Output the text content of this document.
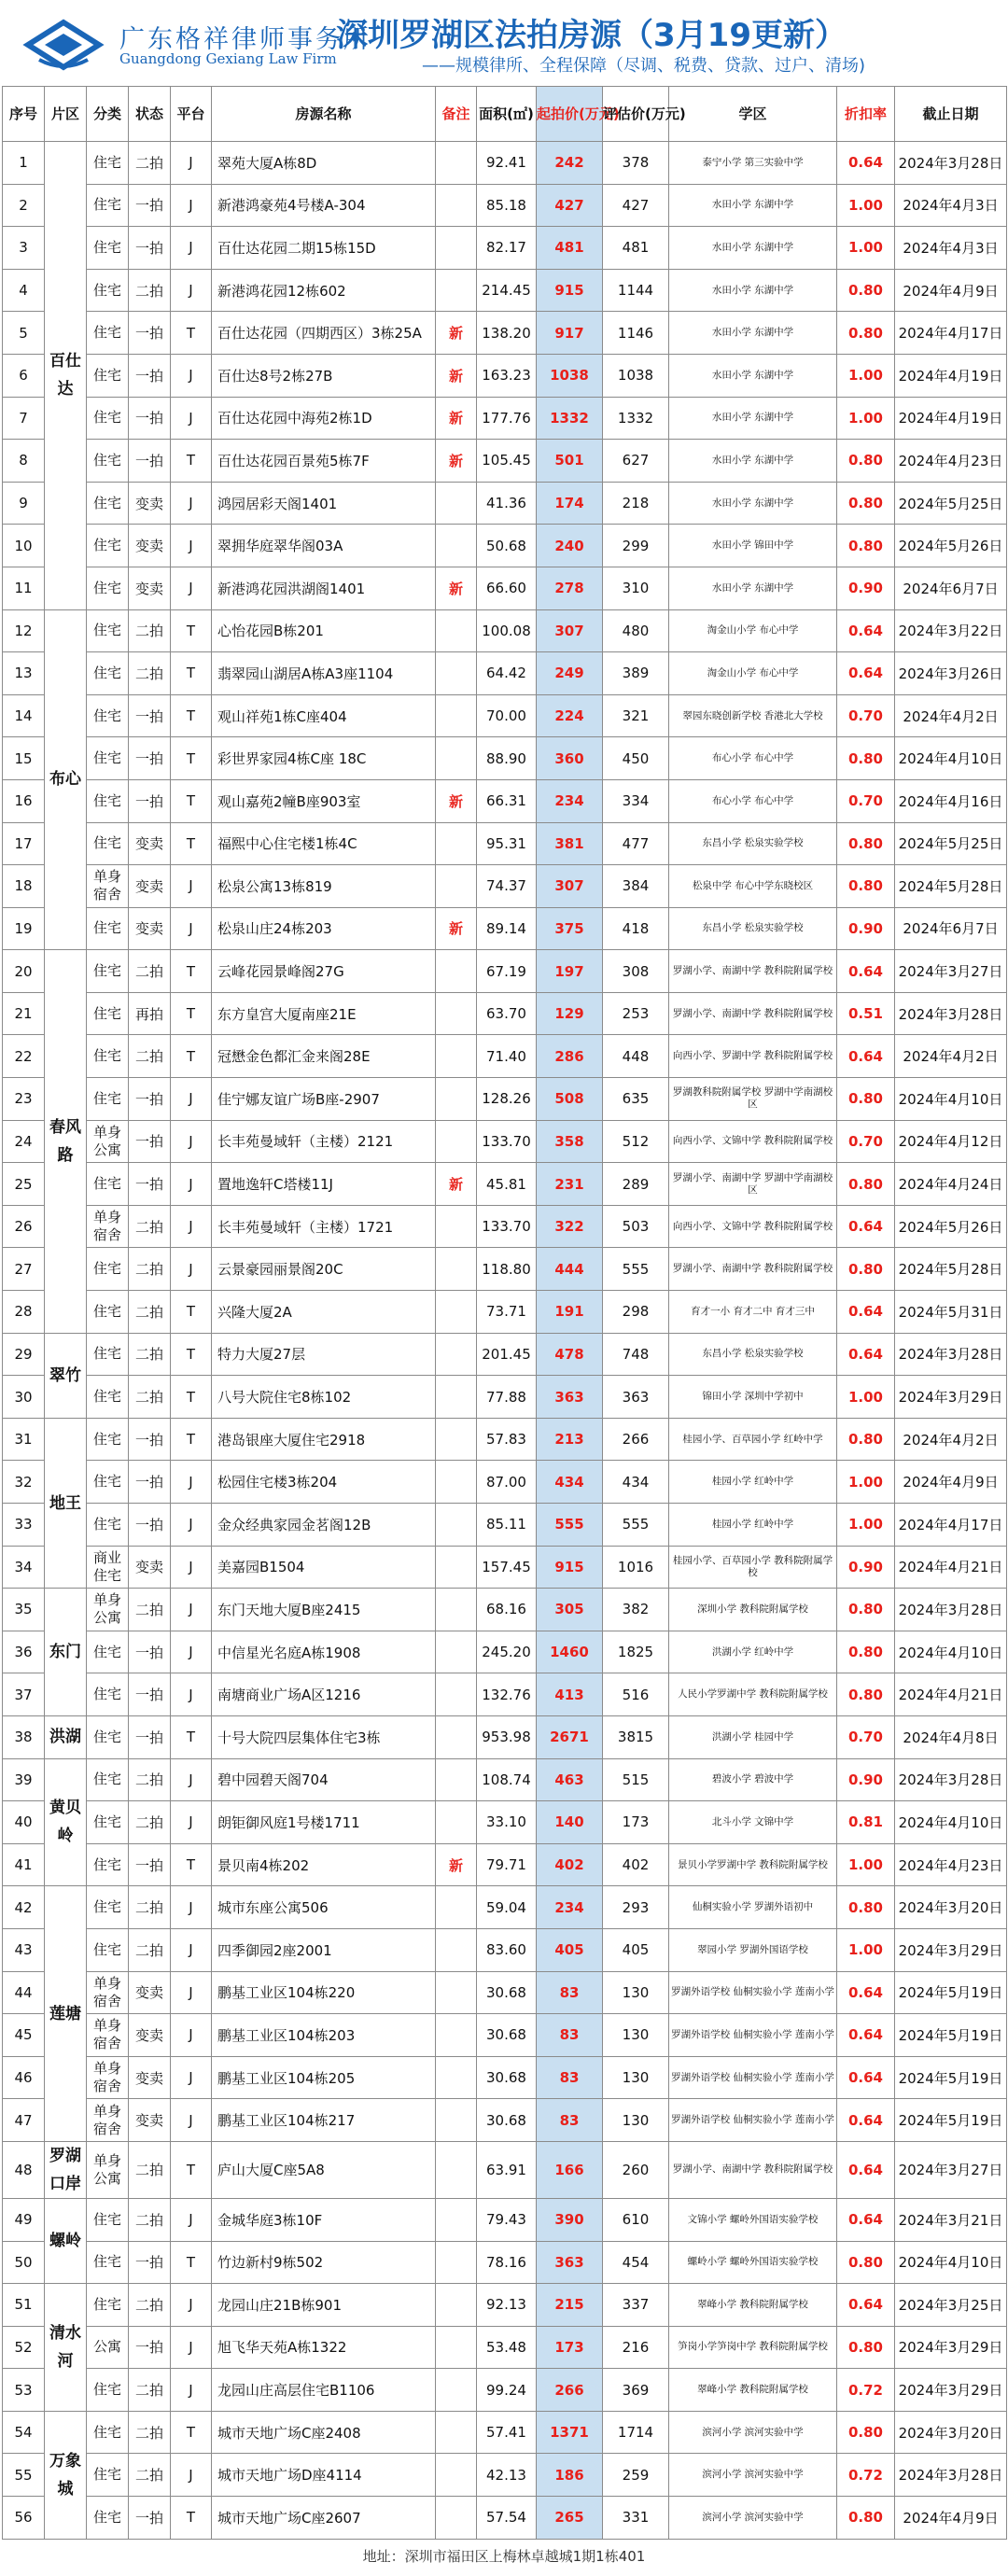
广东格祥律师事务所
Guangdong Gexiang Law Firm
深圳罗湖区法拍房源（3月19更新）
——规模律所、全程保障（尽调、税费、贷款、过户、清场)
序号	片区	分类	状态	平台	房源名称	备注	面积(㎡)	起拍价(万元)	评估价(万元)	学区	折扣率	截止日期
1	百仕达	住宅	二拍	J	翠苑大厦A栋8D		92.41	242	378	泰宁小学 第三实验中学	0.64	2024年3月28日
2		住宅	一拍	J	新港鸿豪苑4号楼A-304		85.18	427	427	水田小学 东湖中学	1.00	2024年4月3日
3		住宅	一拍	J	百仕达花园二期15栋15D		82.17	481	481	水田小学 东湖中学	1.00	2024年4月3日
4		住宅	二拍	J	新港鸿花园12栋602		214.45	915	1144	水田小学 东湖中学	0.80	2024年4月9日
5		住宅	一拍	T	百仕达花园（四期西区）3栋25A	新	138.20	917	1146	水田小学 东湖中学	0.80	2024年4月17日
6		住宅	一拍	J	百仕达8号2栋27B	新	163.23	1038	1038	水田小学 东湖中学	1.00	2024年4月19日
7		住宅	一拍	J	百仕达花园中海苑2栋1D	新	177.76	1332	1332	水田小学 东湖中学	1.00	2024年4月19日
8		住宅	一拍	T	百仕达花园百景苑5栋7F	新	105.45	501	627	水田小学 东湖中学	0.80	2024年4月23日
9		住宅	变卖	J	鸿园居彩天阁1401		41.36	174	218	水田小学 东湖中学	0.80	2024年5月25日
10		住宅	变卖	J	翠拥华庭翠华阁03A		50.68	240	299	水田小学 锦田中学	0.80	2024年5月26日
11		住宅	变卖	J	新港鸿花园洪湖阁1401	新	66.60	278	310	水田小学 东湖中学	0.90	2024年6月7日
12	布心	住宅	二拍	T	心怡花园B栋201		100.08	307	480	淘金山小学 布心中学	0.64	2024年3月22日
13		住宅	二拍	T	翡翠园山湖居A栋A3座1104		64.42	249	389	淘金山小学 布心中学	0.64	2024年3月26日
14		住宅	一拍	T	观山祥苑1栋C座404		70.00	224	321	翠园东晓创新学校 香港北大学校	0.70	2024年4月2日
15		住宅	一拍	T	彩世界家园4栋C座 18C		88.90	360	450	布心小学 布心中学	0.80	2024年4月10日
16		住宅	一拍	T	观山嘉苑2幢B座903室	新	66.31	234	334	布心小学 布心中学	0.70	2024年4月16日
17		住宅	变卖	T	福熙中心住宅楼1栋4C		95.31	381	477	东昌小学 松泉实验学校	0.80	2024年5月25日
18		单身宿舍	变卖	J	松泉公寓13栋819		74.37	307	384	松泉中学 布心中学东晓校区	0.80	2024年5月28日
19		住宅	变卖	J	松泉山庄24栋203	新	89.14	375	418	东昌小学 松泉实验学校	0.90	2024年6月7日
20	春风路	住宅	二拍	T	云峰花园景峰阁27G		67.19	197	308	罗湖小学、南湖中学 教科院附属学校	0.64	2024年3月27日
21		住宅	再拍	T	东方皇宫大厦南座21E		63.70	129	253	罗湖小学、南湖中学 教科院附属学校	0.51	2024年3月28日
22		住宅	二拍	T	冠懋金色都汇金来阁28E		71.40	286	448	向西小学、罗湖中学 教科院附属学校	0.64	2024年4月2日
23		住宅	一拍	J	佳宁娜友谊广场B座-2907		128.26	508	635	罗湖教科院附属学校 罗湖中学南湖校区	0.80	2024年4月10日
24		单身公寓	一拍	J	长丰苑曼域轩（主楼）2121		133.70	358	512	向西小学、文锦中学 教科院附属学校	0.70	2024年4月12日
25		住宅	一拍	J	置地逸轩C塔楼11J	新	45.81	231	289	罗湖小学、南湖中学 罗湖中学南湖校区	0.80	2024年4月24日
26		单身宿舍	二拍	J	长丰苑曼域轩（主楼）1721		133.70	322	503	向西小学、文锦中学 教科院附属学校	0.64	2024年5月26日
27		住宅	二拍	J	云景豪园丽景阁20C		118.80	444	555	罗湖小学、南湖中学 教科院附属学校	0.80	2024年5月28日
28		住宅	二拍	T	兴隆大厦2A		73.71	191	298	育才一小 育才二中 育才三中	0.64	2024年5月31日
29	翠竹	住宅	二拍	T	特力大厦27层		201.45	478	748	东昌小学 松泉实验学校	0.64	2024年3月28日
30		住宅	二拍	T	八号大院住宅8栋102		77.88	363	363	锦田小学 深圳中学初中	1.00	2024年3月29日
31	地王	住宅	一拍	T	港岛银座大厦住宅2918		57.83	213	266	桂园小学、百草园小学 红岭中学	0.80	2024年4月2日
32		住宅	一拍	J	松园住宅楼3栋204		87.00	434	434	桂园小学 红岭中学	1.00	2024年4月9日
33		住宅	一拍	J	金众经典家园金茗阁12B		85.11	555	555	桂园小学 红岭中学	1.00	2024年4月17日
34		商业住宅	变卖	J	美嘉园B1504		157.45	915	1016	桂园小学、百草园小学 教科院附属学校	0.90	2024年4月21日
35	东门	单身公寓	二拍	J	东门天地大厦B座2415		68.16	305	382	深圳小学 教科院附属学校	0.80	2024年3月28日
36		住宅	一拍	J	中信星光名庭A栋1908		245.20	1460	1825	洪湖小学 红岭中学	0.80	2024年4月10日
37		住宅	一拍	J	南塘商业广场A区1216		132.76	413	516	人民小学罗湖中学 教科院附属学校	0.80	2024年4月21日
38	洪湖	住宅	一拍	T	十号大院四层集体住宅3栋		953.98	2671	3815	洪湖小学 桂园中学	0.70	2024年4月8日
39	黄贝岭	住宅	二拍	J	碧中园碧天阁704		108.74	463	515	碧波小学 碧波中学	0.90	2024年3月28日
40		住宅	二拍	J	朗钜御风庭1号楼1711		33.10	140	173	北斗小学 文锦中学	0.81	2024年4月10日
41		住宅	一拍	T	景贝南4栋202	新	79.71	402	402	景贝小学罗湖中学 教科院附属学校	1.00	2024年4月23日
42	莲塘	住宅	二拍	J	城市东座公寓506		59.04	234	293	仙桐实验小学 罗湖外语初中	0.80	2024年3月20日
43		住宅	二拍	J	四季御园2座2001		83.60	405	405	翠园小学 罗湖外国语学校	1.00	2024年3月29日
44		单身宿舍	变卖	J	鹏基工业区104栋220		30.68	83	130	罗湖外语学校 仙桐实验小学 莲南小学	0.64	2024年5月19日
45		单身宿舍	变卖	J	鹏基工业区104栋203		30.68	83	130	罗湖外语学校 仙桐实验小学 莲南小学	0.64	2024年5月19日
46		单身宿舍	变卖	J	鹏基工业区104栋205		30.68	83	130	罗湖外语学校 仙桐实验小学 莲南小学	0.64	2024年5月19日
47		单身宿舍	变卖	J	鹏基工业区104栋217		30.68	83	130	罗湖外语学校 仙桐实验小学 莲南小学	0.64	2024年5月19日
48	罗湖口岸	单身公寓	二拍	T	庐山大厦C座5A8		63.91	166	260	罗湖小学、南湖中学 教科院附属学校	0.64	2024年3月27日
49	螺岭	住宅	二拍	J	金城华庭3栋10F		79.43	390	610	文锦小学 螺岭外国语实验学校	0.64	2024年3月21日
50		住宅	一拍	T	竹边新村9栋502		78.16	363	454	螺岭小学 螺岭外国语实验学校	0.80	2024年4月10日
51	清水河	住宅	二拍	J	龙园山庄21B栋901		92.13	215	337	翠峰小学 教科院附属学校	0.64	2024年3月25日
52		公寓	一拍	J	旭飞华天苑A栋1322		53.48	173	216	笋岗小学笋岗中学 教科院附属学校	0.80	2024年3月29日
53		住宅	二拍	J	龙园山庄高层住宅B1106		99.24	266	369	翠峰小学 教科院附属学校	0.72	2024年3月29日
54	万象城	住宅	二拍	T	城市天地广场C座2408		57.41	1371	1714	滨河小学 滨河实验中学	0.80	2024年3月20日
55		住宅	二拍	J	城市天地广场D座4114		42.13	186	259	滨河小学 滨河实验中学	0.72	2024年3月28日
56		住宅	一拍	T	城市天地广场C座2607		57.54	265	331	滨河小学 滨河实验中学	0.80	2024年4月9日
地址：深圳市福田区上梅林卓越城1期1栋401
